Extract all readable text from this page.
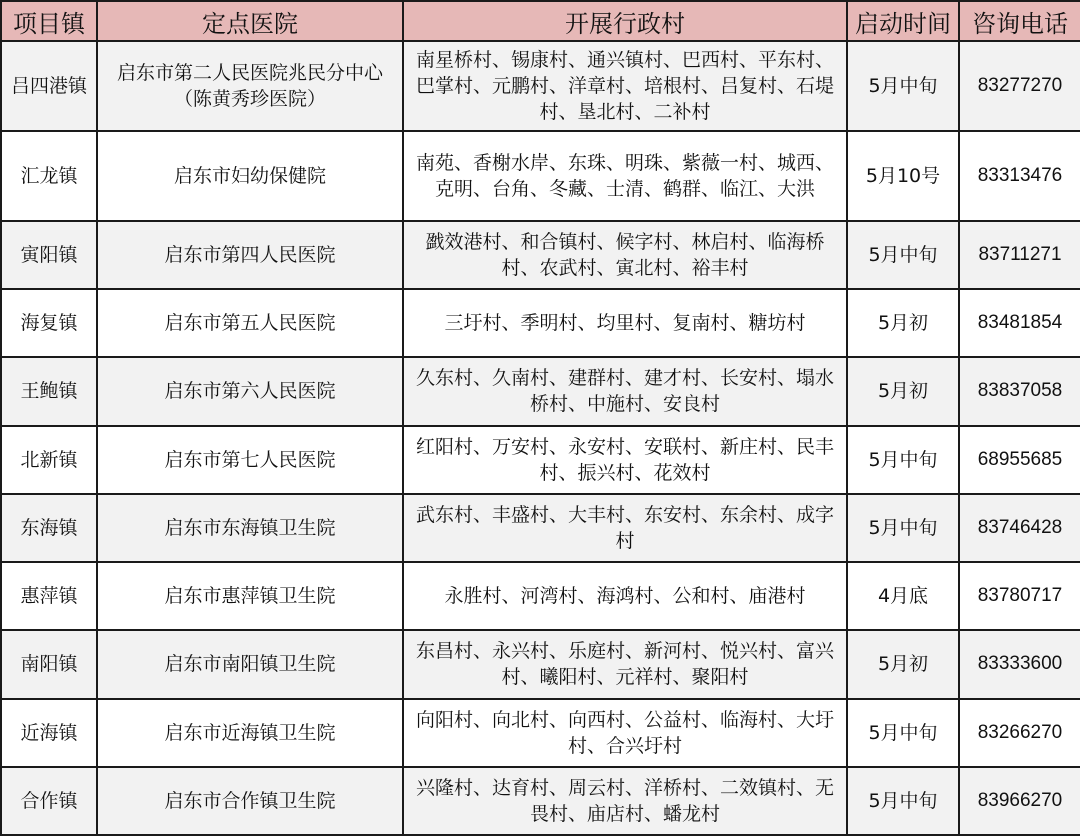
项目镇	定点医院	开展行政村	启动时间	咨询电话
吕四港镇	启东市第二人民医院兆民分中心（陈黄秀珍医院）	南星桥村、锡康村、通兴镇村、巴西村、平东村、巴掌村、元鹏村、洋章村、培根村、吕复村、石堤村、垦北村、二补村	5月中旬	83277270
汇龙镇	启东市妇幼保健院	南苑、香榭水岸、东珠、明珠、紫薇一村、城西、克明、台角、冬藏、士清、鹤群、临江、大洪	5月10号	83313476
寅阳镇	启东市第四人民医院	戤效港村、和合镇村、候字村、林启村、临海桥村、农武村、寅北村、裕丰村	5月中旬	83711271
海复镇	启东市第五人民医院	三圩村、季明村、均里村、复南村、糖坊村	5月初	83481854
王鲍镇	启东市第六人民医院	久东村、久南村、建群村、建才村、长安村、塌水桥村、中施村、安良村	5月初	83837058
北新镇	启东市第七人民医院	红阳村、万安村、永安村、安联村、新庄村、民丰村、振兴村、花效村	5月中旬	68955685
东海镇	启东市东海镇卫生院	武东村、丰盛村、大丰村、东安村、东余村、成字村	5月中旬	83746428
惠萍镇	启东市惠萍镇卫生院	永胜村、河湾村、海鸿村、公和村、庙港村	4月底	83780717
南阳镇	启东市南阳镇卫生院	东昌村、永兴村、乐庭村、新河村、悦兴村、富兴村、曦阳村、元祥村、聚阳村	5月初	83333600
近海镇	启东市近海镇卫生院	向阳村、向北村、向西村、公益村、临海村、大圩村、合兴圩村	5月中旬	83266270
合作镇	启东市合作镇卫生院	兴隆村、达育村、周云村、洋桥村、二效镇村、无畏村、庙店村、蟠龙村	5月中旬	83966270
